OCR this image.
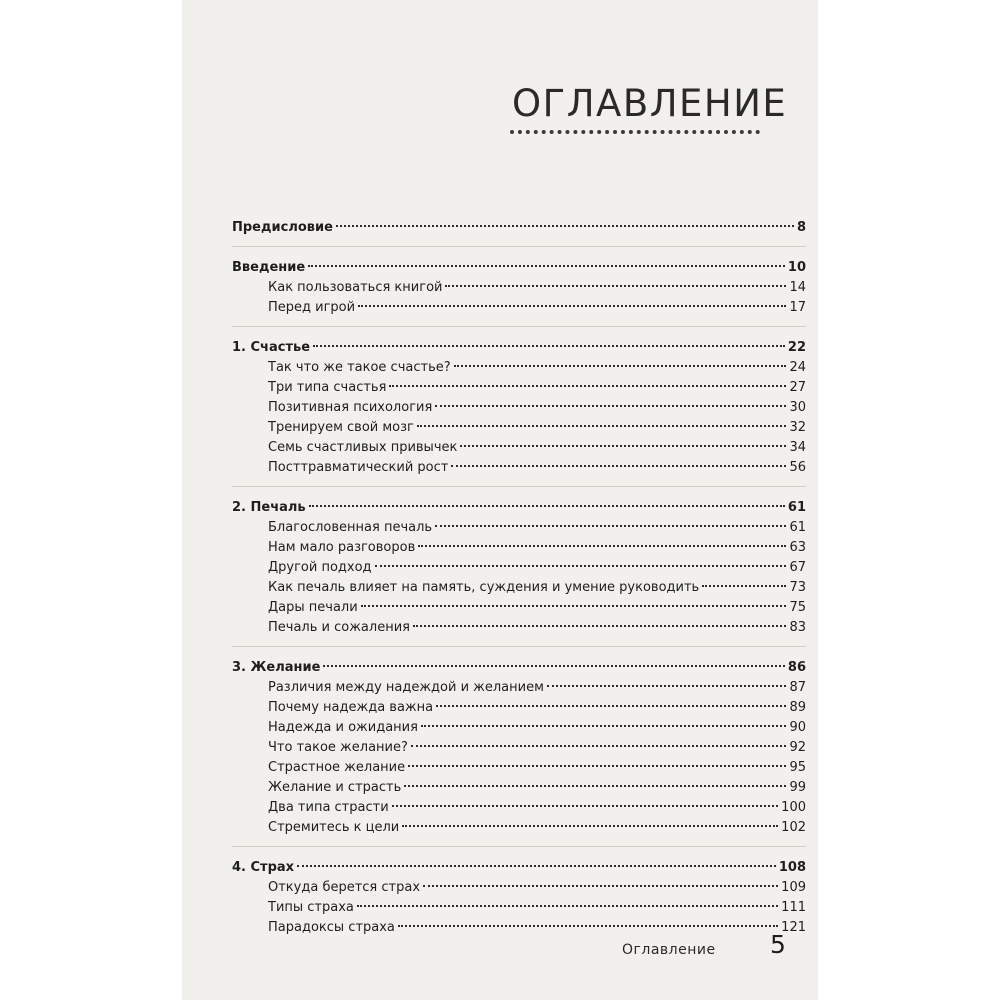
ОГЛАВЛЕНИЕ
Предисловие	8
Введение	10
Как пользоваться книгой	14
Перед игрой	17
1. Счастье	22
Так что же такое счастье?	24
Три типа счастья	27
Позитивная психология	30
Тренируем свой мозг	32
Семь счастливых привычек	34
Посттравматический рост	56
2. Печаль	61
Благословенная печаль	61
Нам мало разговоров	63
Другой подход	67
Как печаль влияет на память, суждения и умение руководить	73
Дары печали	75
Печаль и сожаления	83
3. Желание	86
Различия между надеждой и желанием	87
Почему надежда важна	89
Надежда и ожидания	90
Что такое желание?	92
Страстное желание	95
Желание и страсть	99
Два типа страсти	100
Стремитесь к цели	102
4. Страх	108
Откуда берется страх	109
Типы страха	111
Парадоксы страха	121
Оглавление 5
